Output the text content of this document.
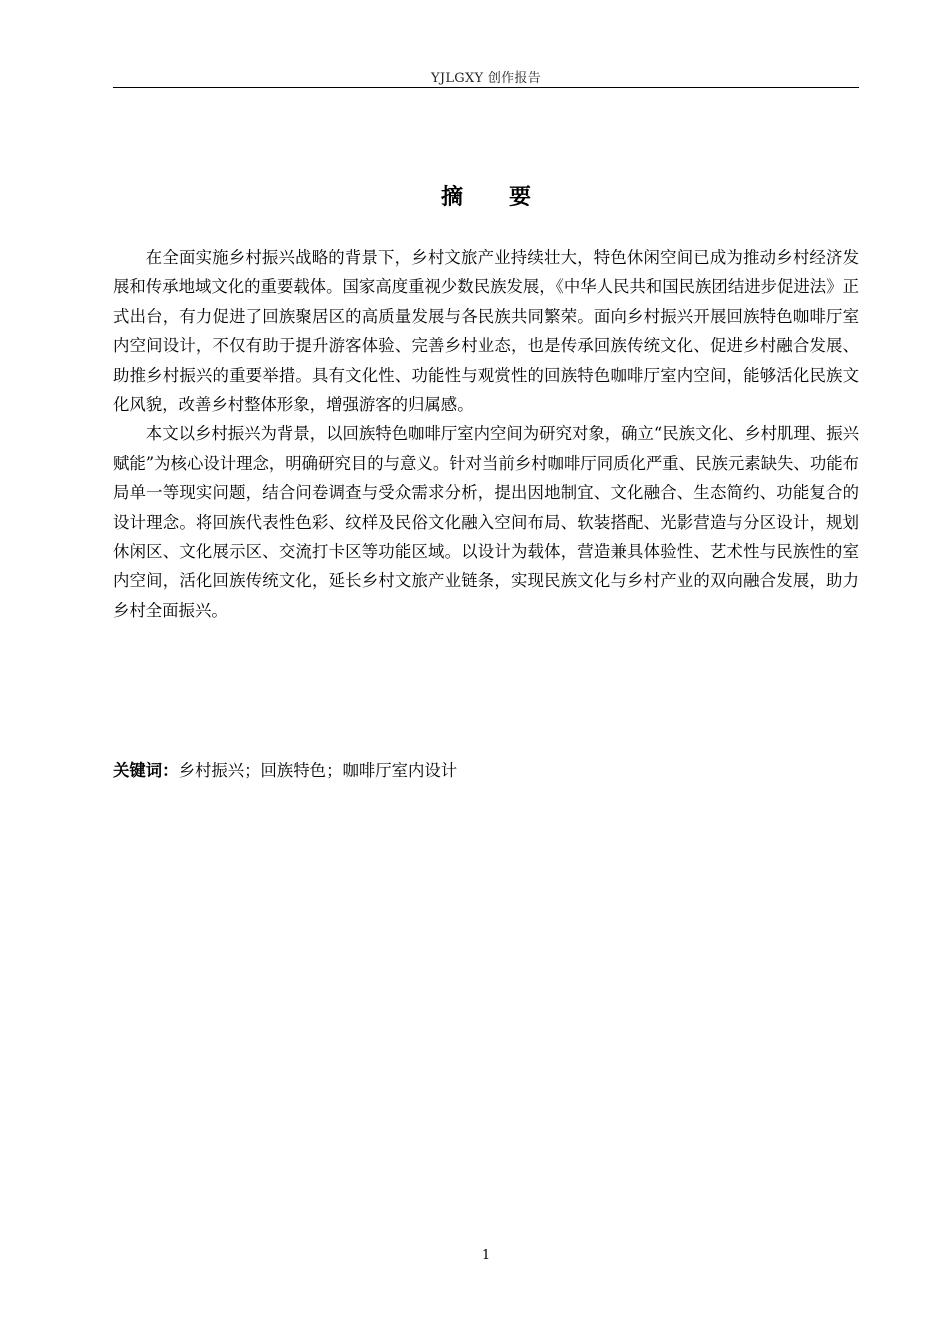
YJLGXY 创作报告
摘要

在全面实施乡村振兴战略的背景下，乡村文旅产业持续壮大，特色休闲空间已成为推动乡村经济发展和传承地域文化的重要载体。国家高度重视少数民族发展，《中华人民共和国民族团结进步促进法》正式出台，有力促进了回族聚居区的高质量发展与各民族共同繁荣。面向乡村振兴开展回族特色咖啡厅室内空间设计，不仅有助于提升游客体验、完善乡村业态，也是传承回族传统文化、促进乡村融合发展、助推乡村振兴的重要举措。具有文化性、功能性与观赏性的回族特色咖啡厅室内空间，能够活化民族文化风貌，改善乡村整体形象，增强游客的归属感。

本文以乡村振兴为背景，以回族特色咖啡厅室内空间为研究对象，确立“民族文化、乡村肌理、振兴赋能”为核心设计理念，明确研究目的与意义。针对当前乡村咖啡厅同质化严重、民族元素缺失、功能布局单一等现实问题，结合问卷调查与受众需求分析，提出因地制宜、文化融合、生态简约、功能复合的设计理念。将回族代表性色彩、纹样及民俗文化融入空间布局、软装搭配、光影营造与分区设计，规划休闲区、文化展示区、交流打卡区等功能区域。以设计为载体，营造兼具体验性、艺术性与民族性的室内空间，活化回族传统文化，延长乡村文旅产业链条，实现民族文化与乡村产业的双向融合发展，助力乡村全面振兴。

关键词：乡村振兴；回族特色；咖啡厅室内设计
1
